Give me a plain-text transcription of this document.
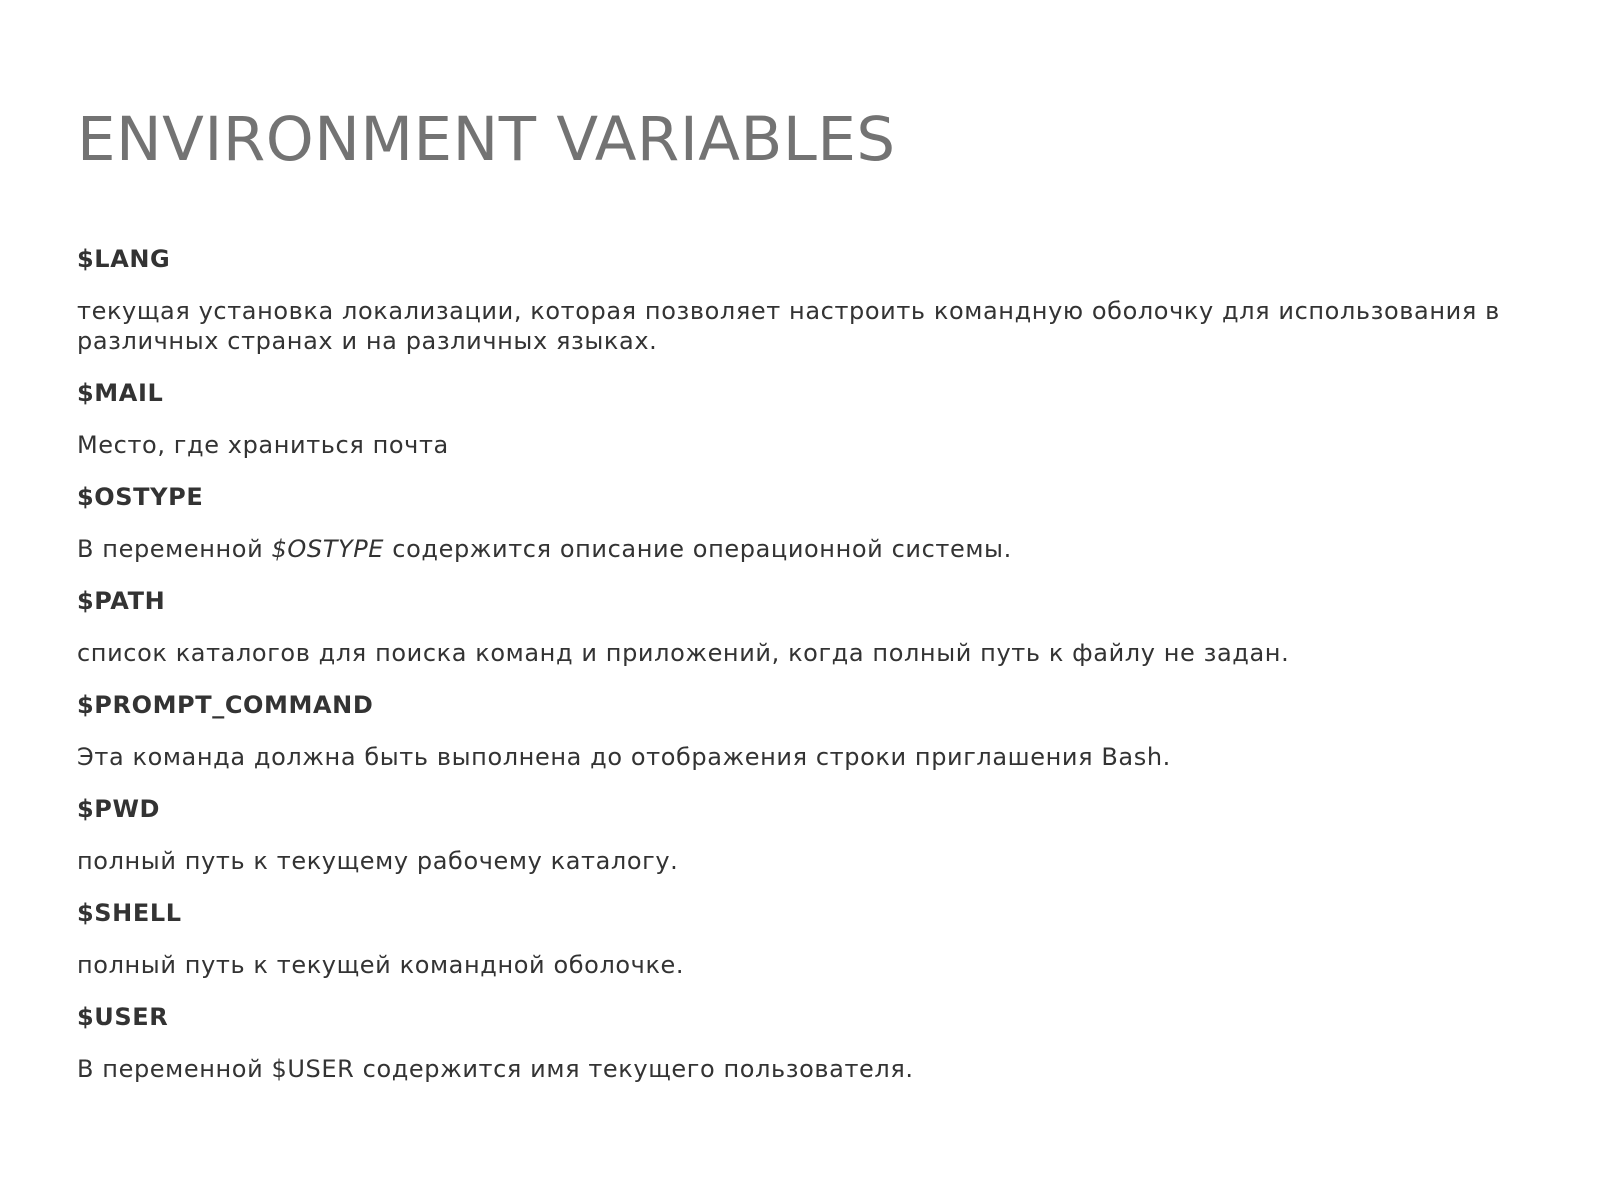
ENVIRONMENT VARIABLES

$LANG

текущая установка локализации, которая позволяет настроить командную оболочку для использования в различных странах и на различных языках.

$MAIL

Место, где храниться почта

$OSTYPE

В переменной $OSTYPE содержится описание операционной системы.

$PATH

список каталогов для поиска команд и приложений, когда полный путь к файлу не задан.

$PROMPT_COMMAND

Эта команда должна быть выполнена до отображения строки приглашения Bash.

$PWD

полный путь к текущему рабочему каталогу.

$SHELL

полный путь к текущей командной оболочке.

$USER

В переменной $USER содержится имя текущего пользователя.
